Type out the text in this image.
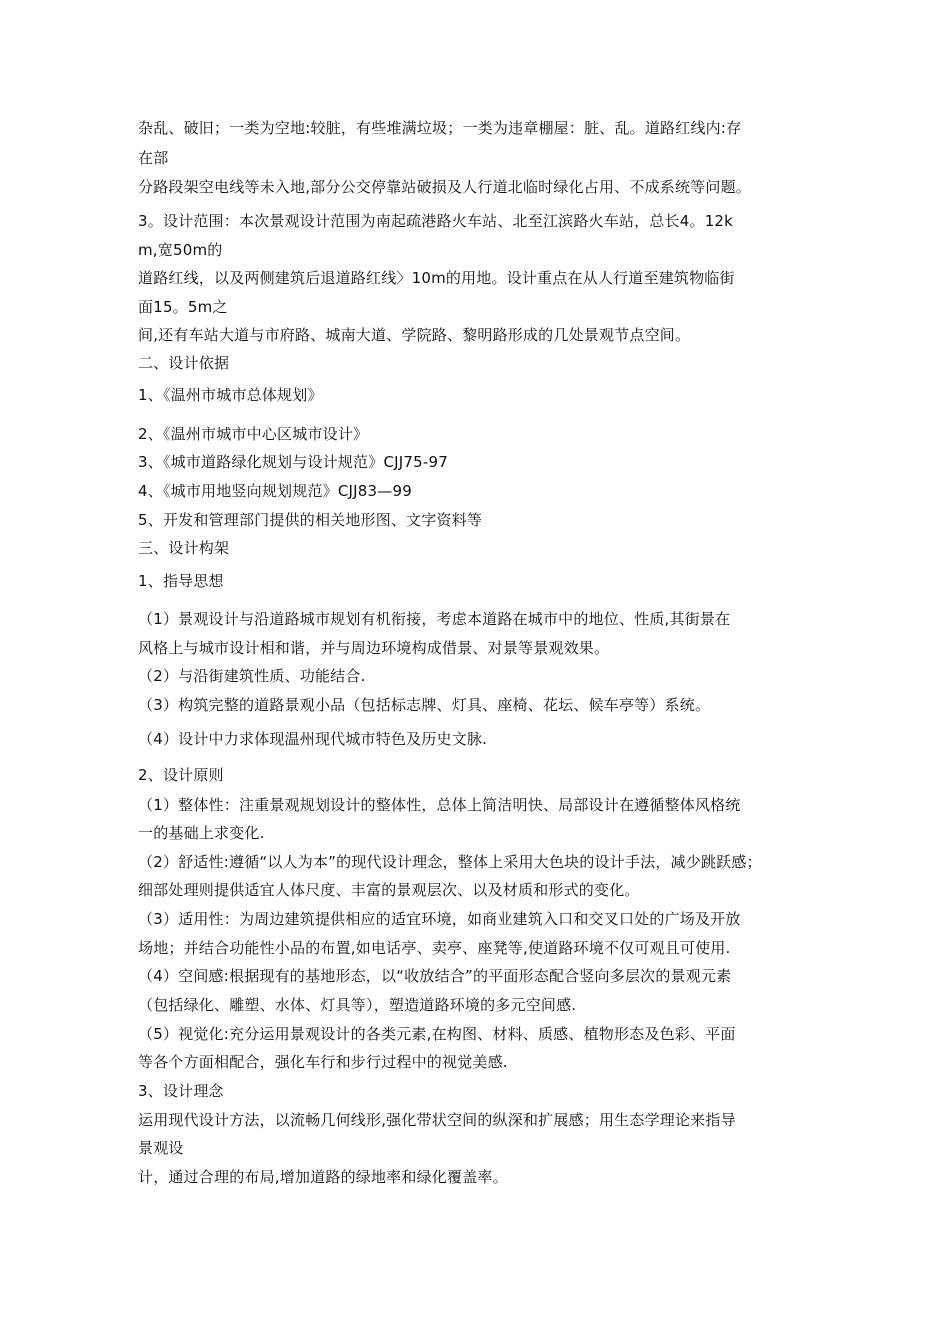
杂乱、破旧；一类为空地:较脏，有些堆满垃圾；一类为违章棚屋：脏、乱。道路红线内:存
在部
分路段架空电线等未入地,部分公交停靠站破损及人行道北临时绿化占用、不成系统等问题。
3。设计范围：本次景观设计范围为南起疏港路火车站、北至江滨路火车站，总长4。12k
m,宽50m的
道路红线，以及两侧建筑后退道路红线〉10m的用地。设计重点在从人行道至建筑物临街
面15。5m之
间,还有车站大道与市府路、城南大道、学院路、黎明路形成的几处景观节点空间。
二、设计依据
1、《温州市城市总体规划》
2、《温州市城市中心区城市设计》
3、《城市道路绿化规划与设计规范》CJJ75-97
4、《城市用地竖向规划规范》CJJ83—99
5、开发和管理部门提供的相关地形图、文字资料等
三、设计构架
1、指导思想
（1）景观设计与沿道路城市规划有机衔接，考虑本道路在城市中的地位、性质,其街景在
风格上与城市设计相和谐，并与周边环境构成借景、对景等景观效果。
（2）与沿街建筑性质、功能结合.
（3）构筑完整的道路景观小品（包括标志牌、灯具、座椅、花坛、候车亭等）系统。
（4）设计中力求体现温州现代城市特色及历史文脉.
2、设计原则
（1）整体性：注重景观规划设计的整体性，总体上简洁明快、局部设计在遵循整体风格统
一的基础上求变化.
（2）舒适性:遵循“以人为本”的现代设计理念，整体上采用大色块的设计手法，减少跳跃感；
细部处理则提供适宜人体尺度、丰富的景观层次、以及材质和形式的变化。
（3）适用性：为周边建筑提供相应的适宜环境，如商业建筑入口和交叉口处的广场及开放
场地；并结合功能性小品的布置,如电话亭、卖亭、座凳等,使道路环境不仅可观且可使用.
（4）空间感:根据现有的基地形态，以“收放结合”的平面形态配合竖向多层次的景观元素
（包括绿化、雕塑、水体、灯具等），塑造道路环境的多元空间感.
（5）视觉化:充分运用景观设计的各类元素,在构图、材料、质感、植物形态及色彩、平面
等各个方面相配合，强化车行和步行过程中的视觉美感.
3、设计理念
运用现代设计方法，以流畅几何线形,强化带状空间的纵深和扩展感；用生态学理论来指导
景观设
计，通过合理的布局,增加道路的绿地率和绿化覆盖率。
